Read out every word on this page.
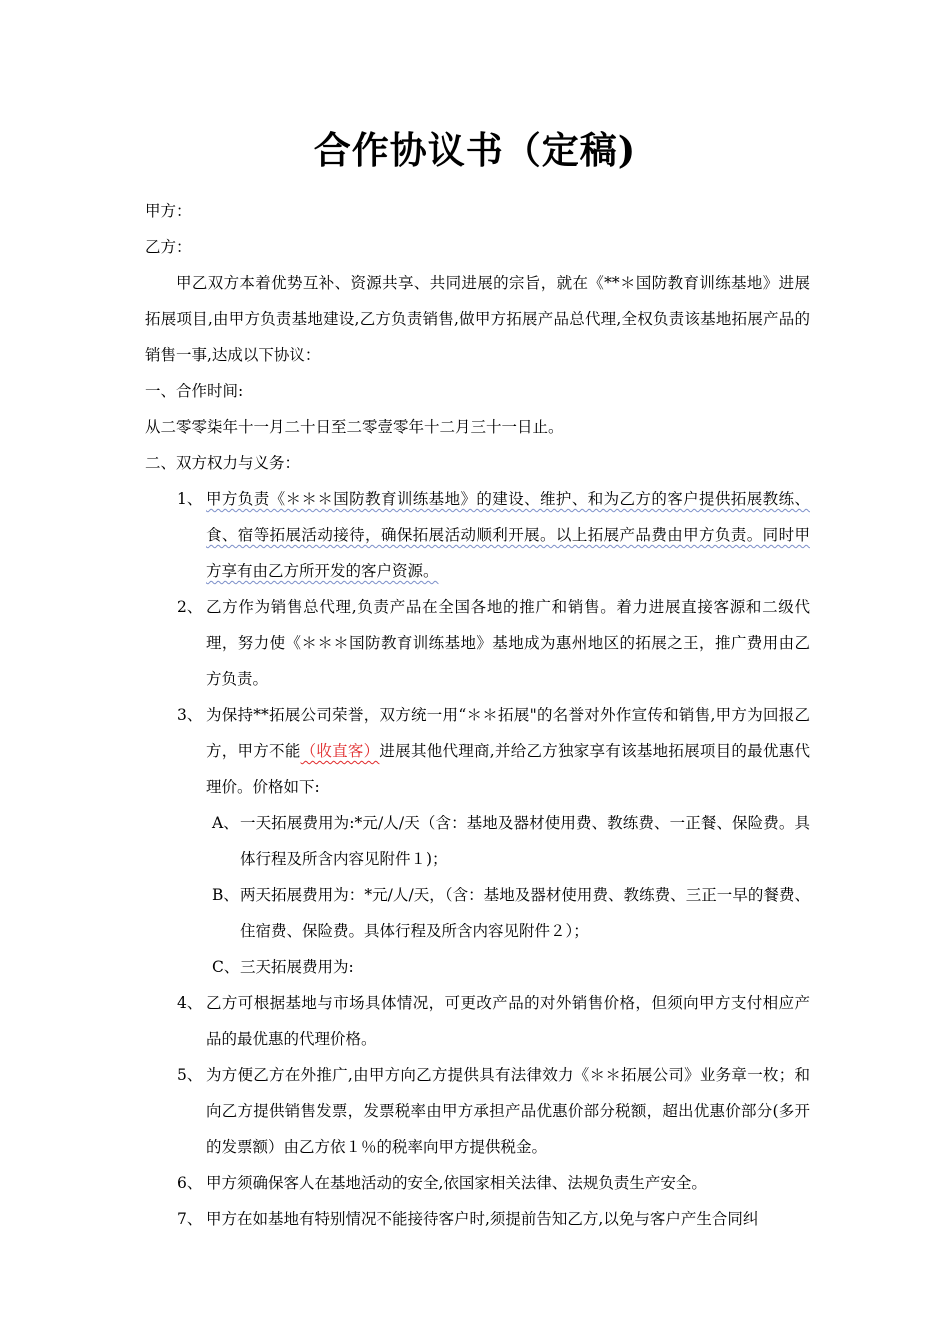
合作协议书（定稿)

甲方：

乙方：

甲乙双方本着优势互补、资源共享、共同进展的宗旨，就在《**＊国防教育训练基地》进展拓展项目,由甲方负责基地建设,乙方负责销售,做甲方拓展产品总代理,全权负责该基地拓展产品的销售一事,达成以下协议：

一、合作时间:

从二零零柒年十一月二十日至二零壹零年十二月三十一日止。

二、双方权力与义务：

1、 甲方负责《＊＊＊国防教育训练基地》的建设、维护、和为乙方的客户提供拓展教练、食、宿等拓展活动接待，确保拓展活动顺利开展。以上拓展产品费由甲方负责。同时甲方享有由乙方所开发的客户资源。
2、 乙方作为销售总代理,负责产品在全国各地的推广和销售。着力进展直接客源和二级代理，努力使《＊＊＊国防教育训练基地》基地成为惠州地区的拓展之王，推广费用由乙方负责。
3、 为保持**拓展公司荣誉，双方统一用“＊＊拓展"的名誉对外作宣传和销售,甲方为回报乙方，甲方不能（收直客）进展其他代理商,并给乙方独家享有该基地拓展项目的最优惠代理价。价格如下:
A、 一天拓展费用为:*元/人/天（含：基地及器材使用费、教练费、一正餐、保险费。具体行程及所含内容见附件１)；
B、 两天拓展费用为：*元/人/天，（含：基地及器材使用费、教练费、三正一早的餐费、住宿费、保险费。具体行程及所含内容见附件２）；
C、 三天拓展费用为:
4、 乙方可根据基地与市场具体情况，可更改产品的对外销售价格，但须向甲方支付相应产品的最优惠的代理价格。
5、 为方便乙方在外推广,由甲方向乙方提供具有法律效力《＊＊拓展公司》业务章一枚；和向乙方提供销售发票，发票税率由甲方承担产品优惠价部分税额，超出优惠价部分(多开的发票额）由乙方依１％的税率向甲方提供税金。
6、 甲方须确保客人在基地活动的安全,依国家相关法律、法规负责生产安全。
7、 甲方在如基地有特别情况不能接待客户时,须提前告知乙方,以免与客户产生合同纠
